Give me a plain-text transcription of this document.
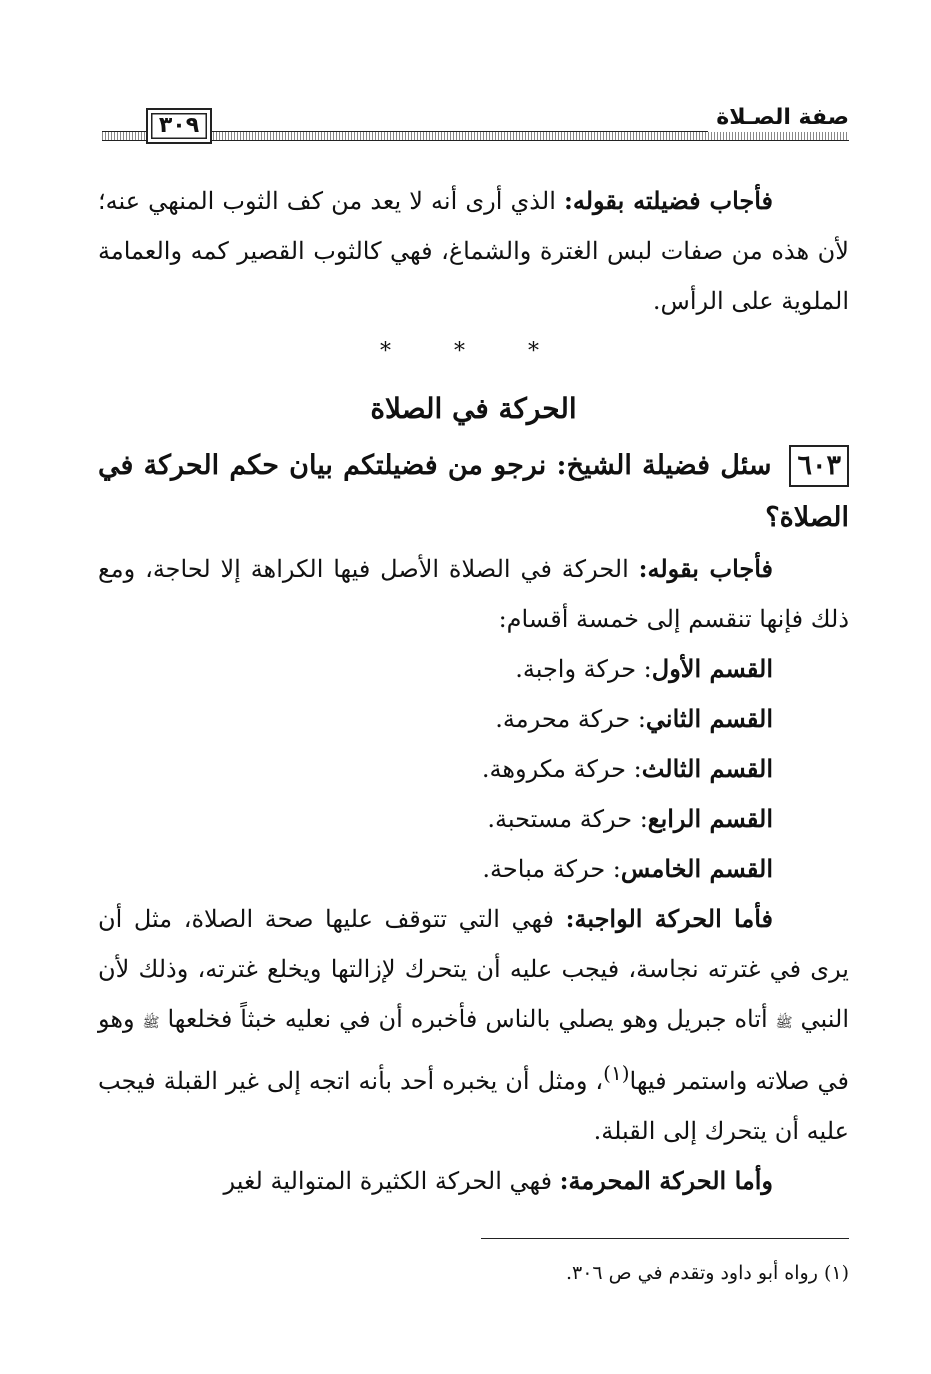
صفة الصـلاة
٣٠٩

فأجاب فضيلته بقوله: الذي أرى أنه لا يعد من كف الثوب المنهي عنه؛ لأن هذه من صفات لبس الغترة والشماغ، فهي كالثوب القصير كمه والعمامة الملوية على الرأس.

* * *
الحركة في الصلاة

٦٠٣سئل فضيلة الشيخ: نرجو من فضيلتكم بيان حكم الحركة في الصلاة؟

فأجاب بقوله: الحركة في الصلاة الأصل فيها الكراهة إلا لحاجة، ومع ذلك فإنها تنقسم إلى خمسة أقسام:

القسم الأول: حركة واجبة.

القسم الثاني: حركة محرمة.

القسم الثالث: حركة مكروهة.

القسم الرابع: حركة مستحبة.

القسم الخامس: حركة مباحة.

فأما الحركة الواجبة: فهي التي تتوقف عليها صحة الصلاة، مثل أن يرى في غترته نجاسة، فيجب عليه أن يتحرك لإزالتها ويخلع غترته، وذلك لأن النبي ﷺ أتاه جبريل وهو يصلي بالناس فأخبره أن في نعليه خبثاً فخلعها ﷺ وهو في صلاته واستمر فيها$^{(١)}$، ومثل أن يخبره أحد بأنه اتجه إلى غير القبلة فيجب عليه أن يتحرك إلى القبلة.

وأما الحركة المحرمة: فهي الحركة الكثيرة المتوالية لغير

(١) رواه أبو داود وتقدم في ص ٣٠٦.
